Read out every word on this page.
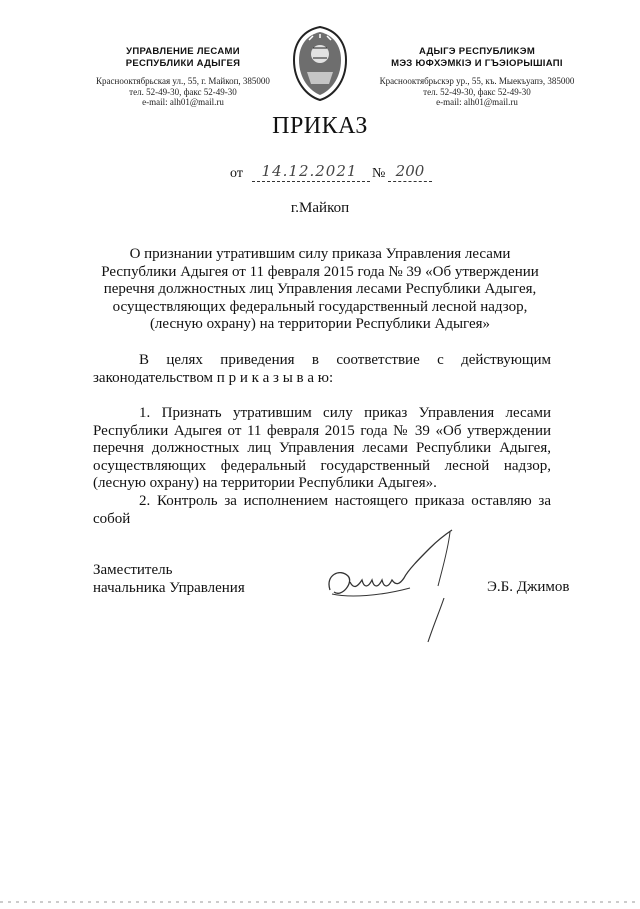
УПРАВЛЕНИЕ ЛЕСАМИ
РЕСПУБЛИКИ АДЫГЕЯ
Краснооктябрьская ул., 55, г. Майкоп, 385000
тел. 52-49-30, факс 52-49-30
e-mail: alh01@mail.ru
АДЫГЭ РЕСПУБЛИКЭМ
МЭЗ ЮФХЭМКIЭ И ГЪЭIОРЫШIАПI
Краснооктябрьскэр ур., 55, къ. Мыекъуапэ, 385000
тел. 52-49-30, факс 52-49-30
e-mail: alh01@mail.ru
ПРИКАЗ
от	14.12.2021	№ 200
г.Майкоп
О признании утратившим силу приказа Управления лесами Республики Адыгея от 11 февраля 2015 года № 39 «Об утверждении перечня должностных лиц Управления лесами Республики Адыгея, осуществляющих федеральный государственный лесной надзор, (лесную охрану) на территории Республики Адыгея»
В целях приведения в соответствие с действующим
законодательством п р и к а з ы в а ю:
1. Признать утратившим силу приказ Управления лесами Республики Адыгея от 11 февраля 2015 года № 39 «Об утверждении перечня должностных лиц Управления лесами Республики Адыгея, осуществляющих федеральный государственный лесной надзор, (лесную охрану) на территории Республики Адыгея».
2. Контроль за исполнением настоящего приказа оставляю за собой
Заместитель
начальника Управления	Э.Б. Джимов
